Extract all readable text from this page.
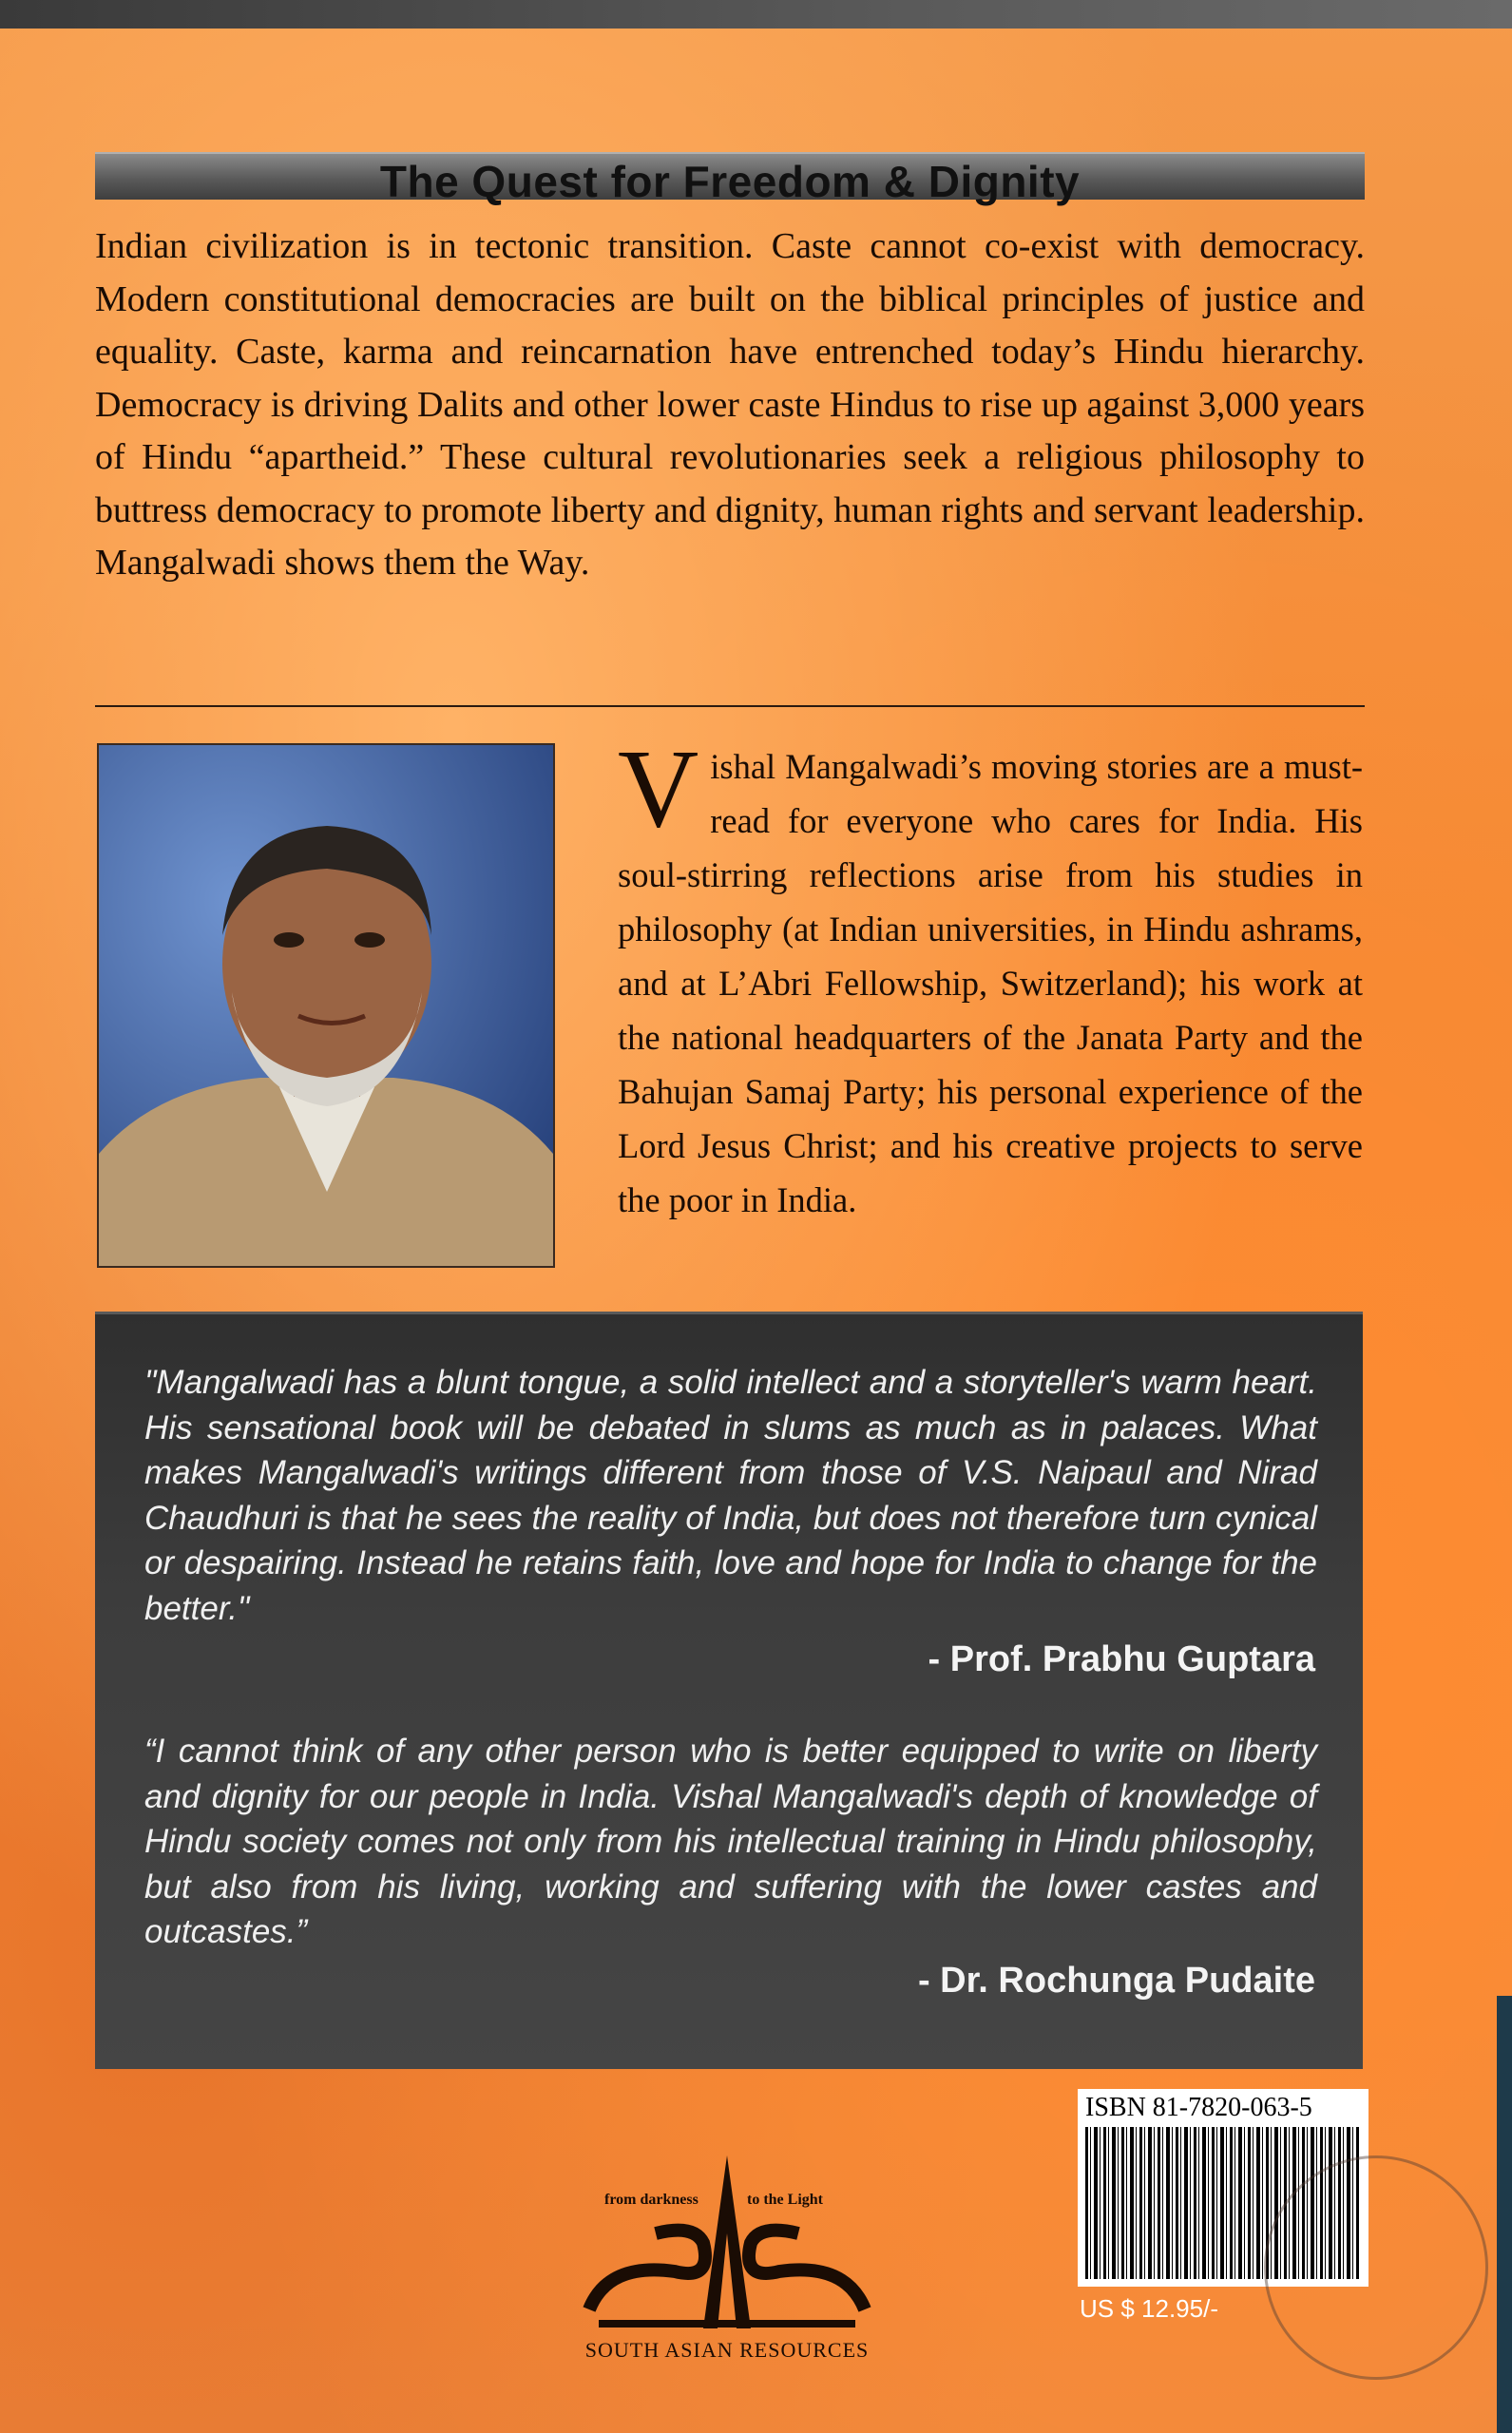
The Quest for Freedom & Dignity
Indian civilization is in tectonic transition. Caste cannot co-exist with democracy. Modern constitutional democracies are built on the biblical principles of justice and equality. Caste, karma and reincarnation have entrenched today’s Hindu hierarchy. Democracy is driving Dalits and other lower caste Hindus to rise up against 3,000 years of Hindu “apartheid.” These cultural revolutionaries seek a religious philosophy to buttress democracy to promote liberty and dignity, human rights and servant leadership. Mangalwadi shows them the Way.
Vishal Mangalwadi’s moving stories are a must-read for everyone who cares for India. His soul-stirring reflections arise from his studies in philosophy (at Indian universities, in Hindu ashrams, and at L’Abri Fellowship, Switzerland); his work at the national headquarters of the Janata Party and the Bahujan Samaj Party; his personal experience of the Lord Jesus Christ; and his creative projects to serve the poor in India.
"Mangalwadi has a blunt tongue, a solid intellect and a storyteller's warm heart. His sensational book will be debated in slums as much as in palaces. What makes Mangalwadi's writings different from those of V.S. Naipaul and Nirad Chaudhuri is that he sees the reality of India, but does not therefore turn cynical or despairing. Instead he retains faith, love and hope for India to change for the better."
- Prof. Prabhu Guptara
“I cannot think of any other person who is better equipped to write on liberty and dignity for our people in India. Vishal Mangalwadi's depth of knowledge of Hindu society comes not only from his intellectual training in Hindu philosophy, but also from his living, working and suffering with the lower castes and outcastes.”
- Dr. Rochunga Pudaite
from darkness	to the Light
SOUTH ASIAN RESOURCES
ISBN 81-7820-063-5
US $ 12.95/-
